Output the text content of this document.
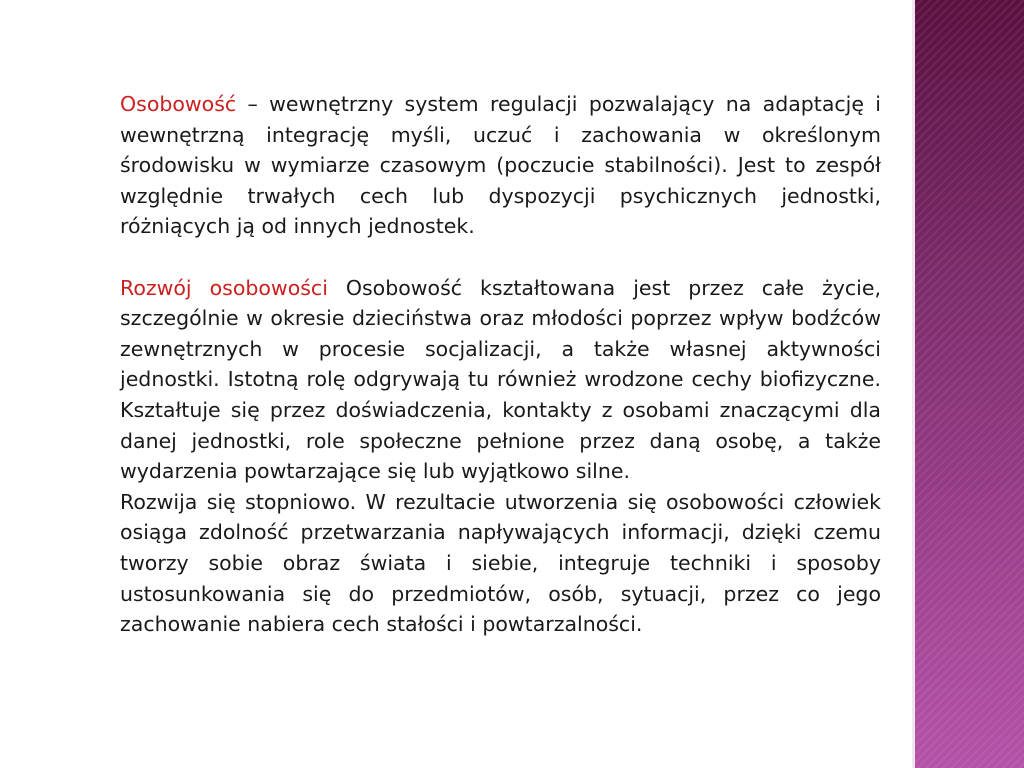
Osobowość – wewnętrzny system regulacji pozwalający na adaptację i wewnętrzną integrację myśli, uczuć i zachowania w określonym środowisku w wymiarze czasowym (poczucie stabilności). Jest to zespół względnie trwałych cech lub dyspozycji psychicznych jednostki, różniących ją od innych jednostek.

Rozwój osobowości Osobowość kształtowana jest przez całe życie, szczególnie w okresie dzieciństwa oraz młodości poprzez wpływ bodźców zewnętrznych w procesie socjalizacji, a także własnej aktywności jednostki. Istotną rolę odgrywają tu również wrodzone cechy biofizyczne. Kształtuje się przez doświadczenia, kontakty z osobami znaczącymi dla danej jednostki, role społeczne pełnione przez daną osobę, a także wydarzenia powtarzające się lub wyjątkowo silne.

Rozwija się stopniowo. W rezultacie utworzenia się osobowości człowiek osiąga zdolność przetwarzania napływających informacji, dzięki czemu tworzy sobie obraz świata i siebie, integruje techniki i sposoby ustosunkowania się do przedmiotów, osób, sytuacji, przez co jego zachowanie nabiera cech stałości i powtarzalności.
